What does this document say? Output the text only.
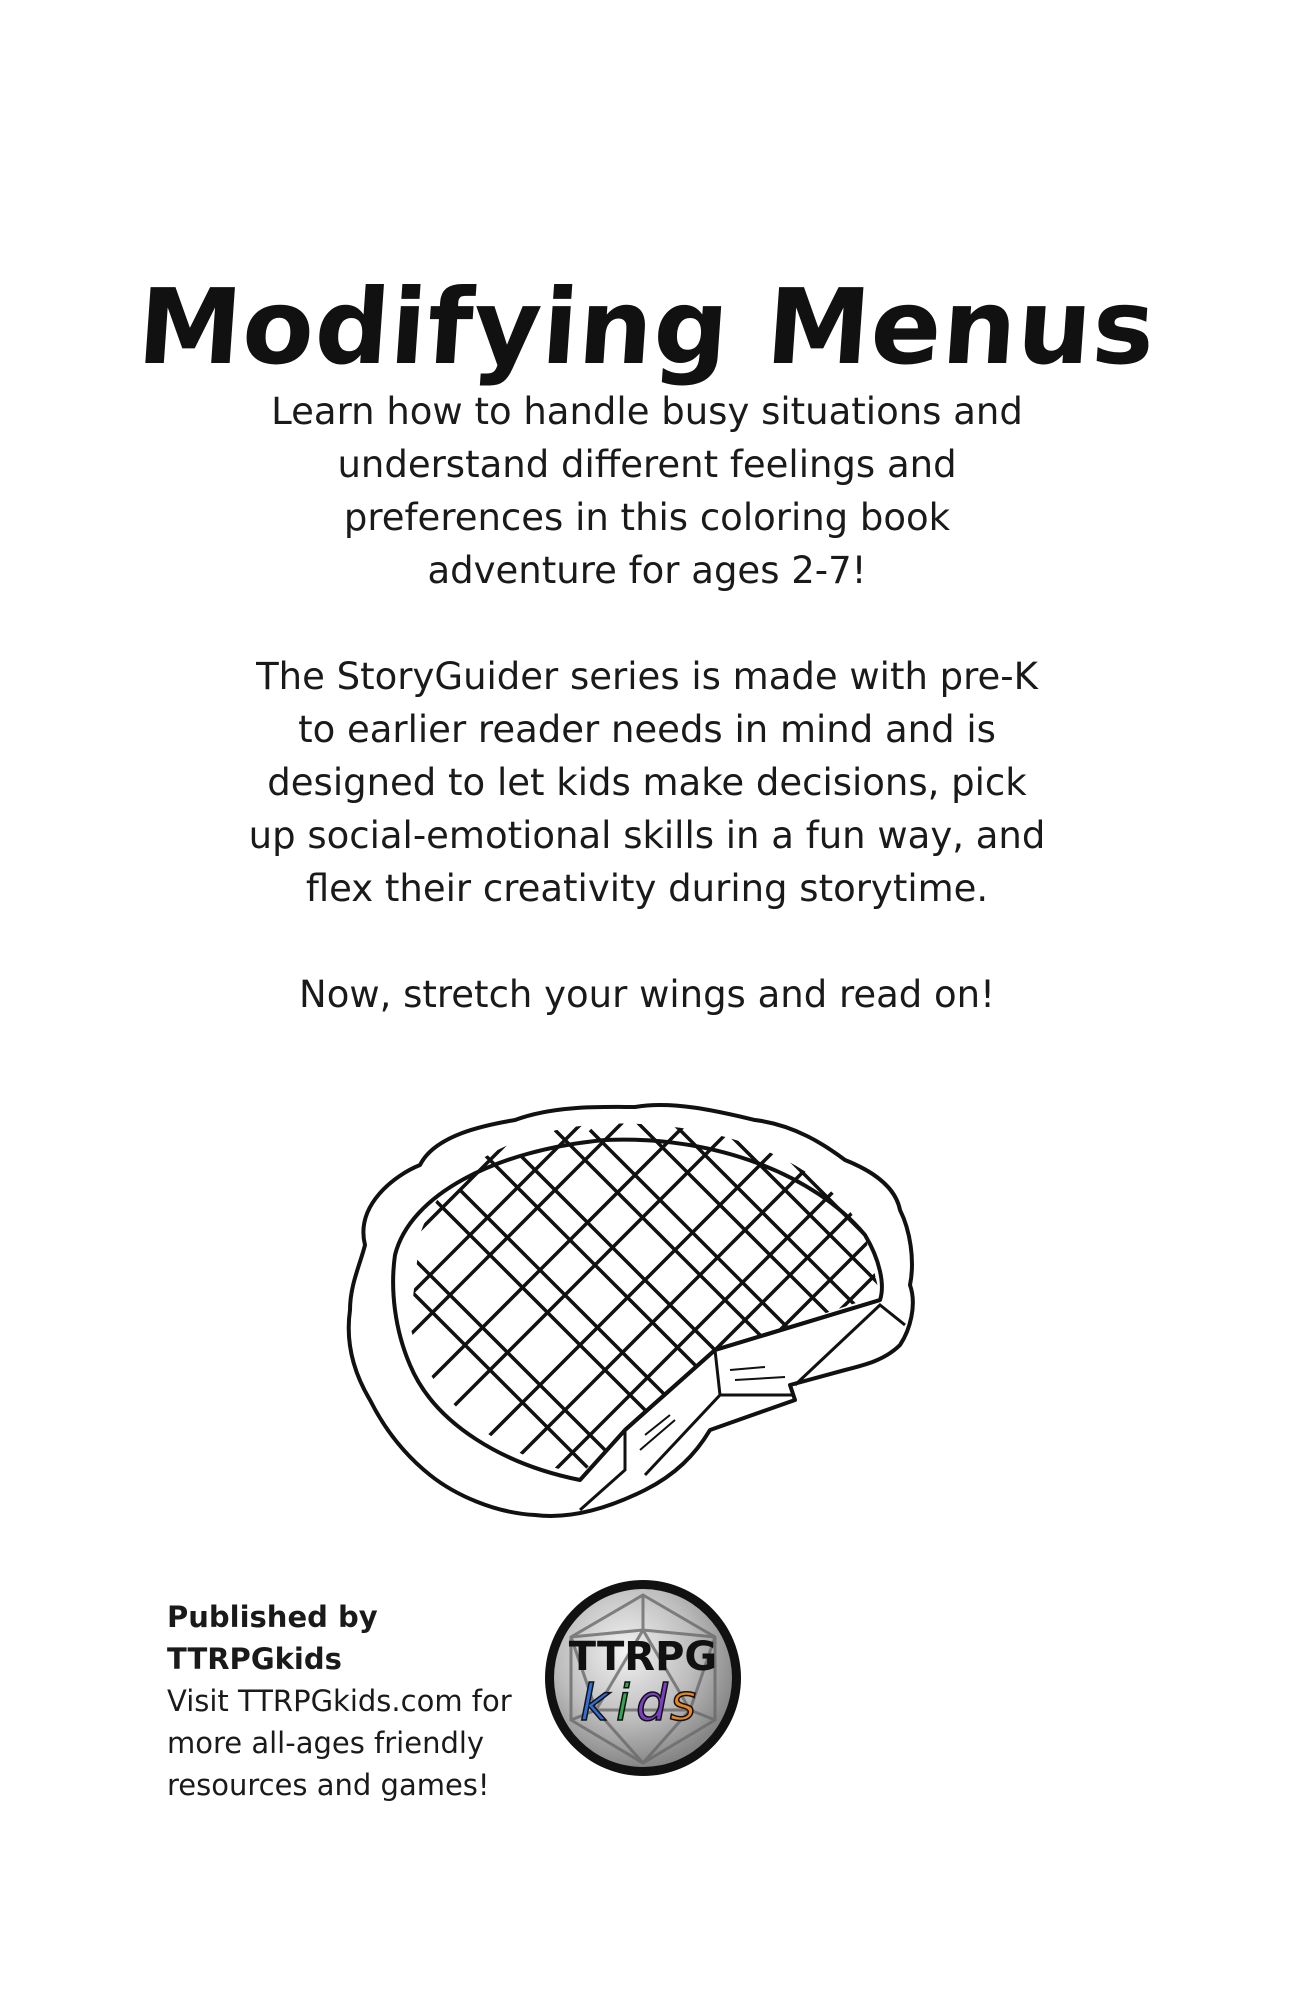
Modifying Menus

Learn how to handle busy situations and understand different feelings and preferences in this coloring book adventure for ages 2-7!

The StoryGuider series is made with pre-K to earlier reader needs in mind and is designed to let kids make decisions, pick up social-emotional skills in a fun way, and flex their creativity during storytime.

Now, stretch your wings and read on!

Published by TTRPGkids
Visit TTRPGkids.com for
more all-ages friendly
resources and games!
TTRPG
k i d s
